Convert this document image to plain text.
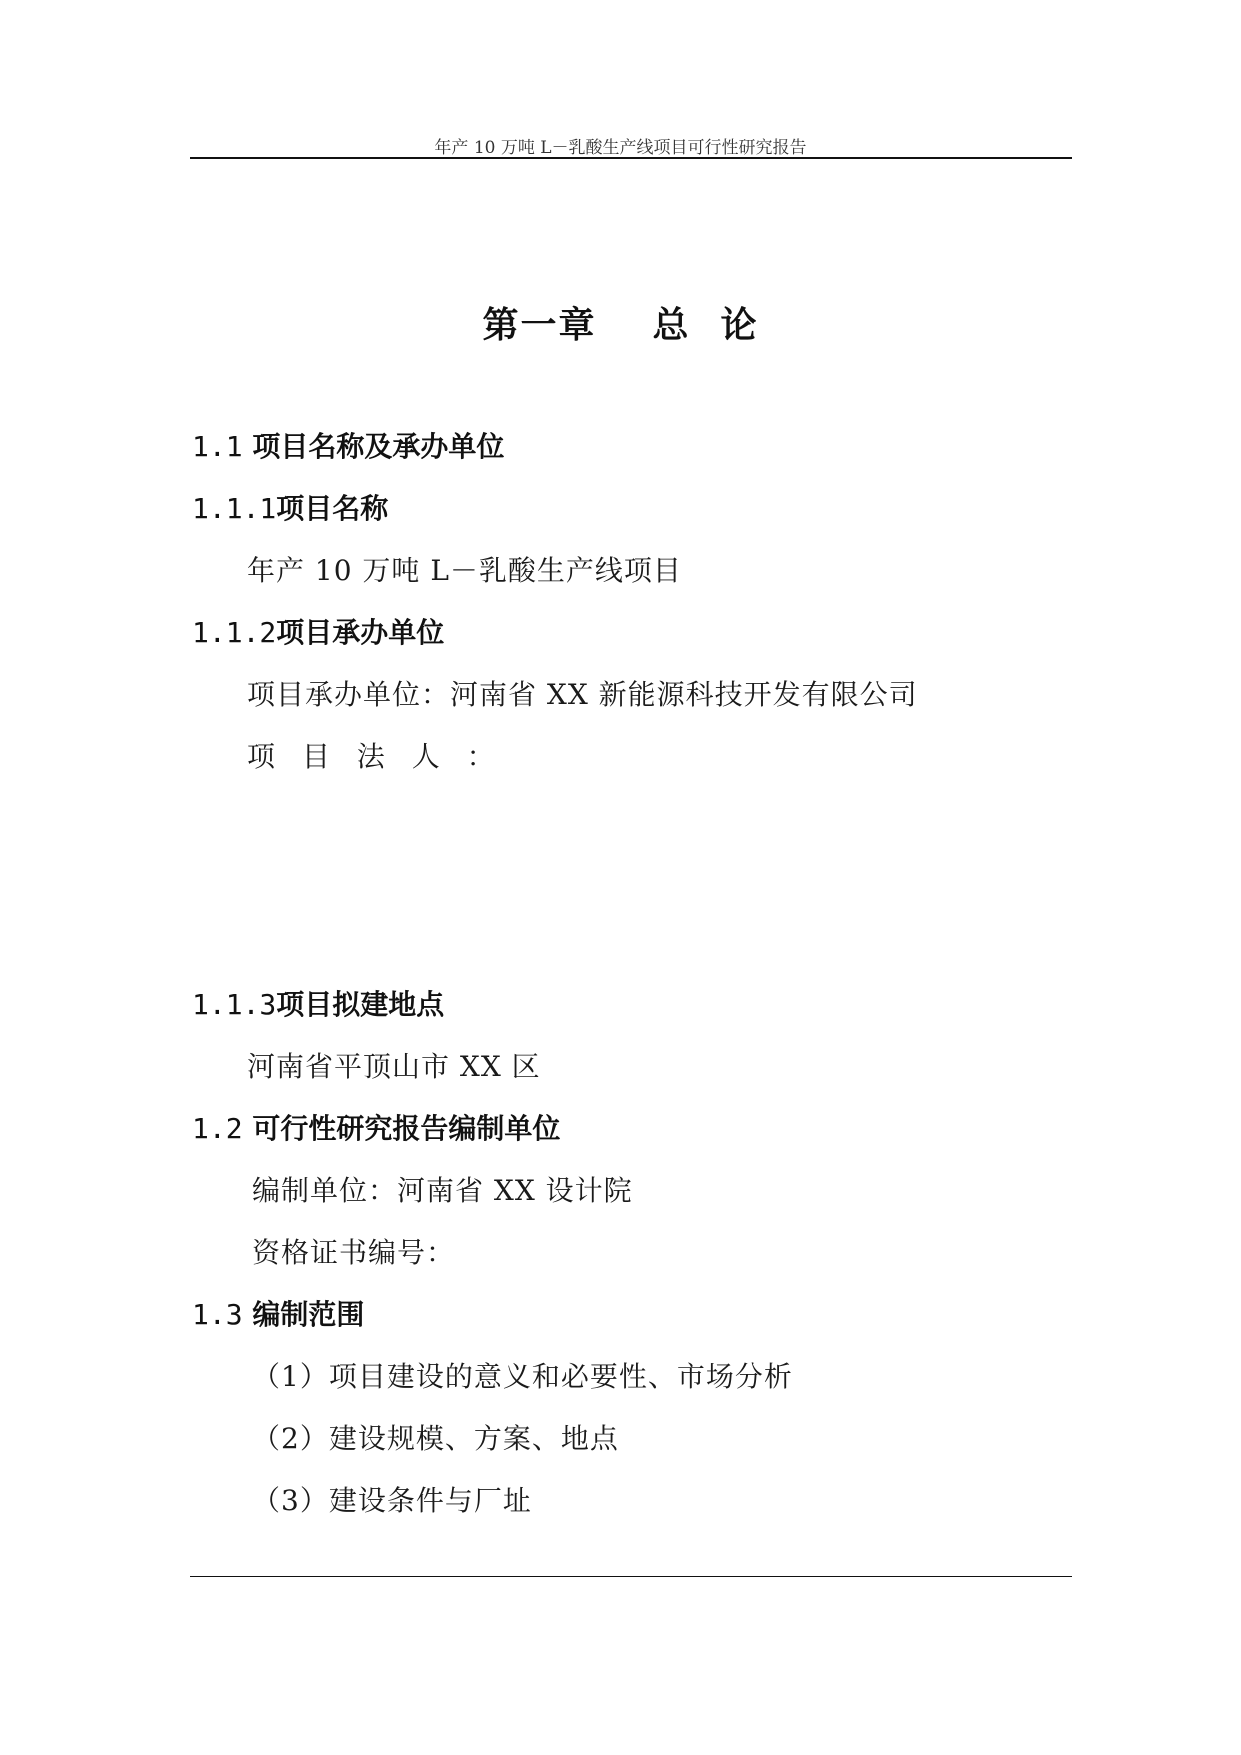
年产 10 万吨 L－乳酸生产线项目可行性研究报告
第一章 总 论
1.1 项目名称及承办单位
1.1.1项目名称
年产 10 万吨 L－乳酸生产线项目
1.1.2项目承办单位
项目承办单位：河南省 XX 新能源科技开发有限公司
项 目 法 人 ：
1.1.3项目拟建地点
河南省平顶山市 XX 区
1.2 可行性研究报告编制单位
编制单位：河南省 XX 设计院
资格证书编号：
1.3 编制范围
（1）项目建设的意义和必要性、市场分析
（2）建设规模、方案、地点
（3）建设条件与厂址
